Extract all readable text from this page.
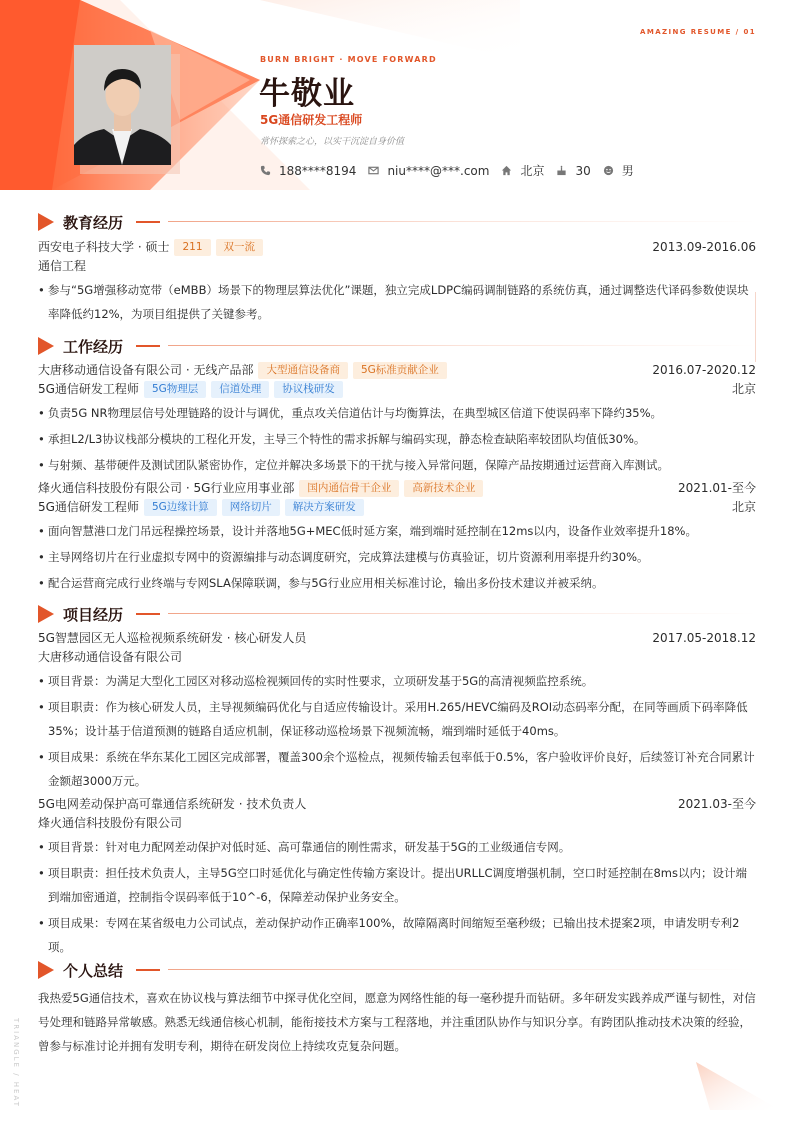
AMAZING RESUME / 01
BURN BRIGHT · MOVE FORWARD
牛敬业
5G通信研发工程师
常怀探索之心，以实干沉淀自身价值
188****8194	niu****@***.com	北京	30	男
教育经历
西安电子科技大学 · 硕士	211	双一流	2013.09-2016.06
通信工程
• 参与“5G增强移动宽带（eMBB）场景下的物理层算法优化”课题，独立完成LDPC编码调制链路的系统仿真，通过调整迭代译码参数使误块率降低约12%，为项目组提供了关键参考。
工作经历
大唐移动通信设备有限公司 · 无线产品部	大型通信设备商	5G标准贡献企业	2016.07-2020.12
5G通信研发工程师	5G物理层	信道处理	协议栈研发	北京
• 负责5G NR物理层信号处理链路的设计与调优，重点攻关信道估计与均衡算法，在典型城区信道下使误码率下降约35%。
• 承担L2/L3协议栈部分模块的工程化开发，主导三个特性的需求拆解与编码实现，静态检查缺陷率较团队均值低30%。
• 与射频、基带硬件及测试团队紧密协作，定位并解决多场景下的干扰与接入异常问题，保障产品按期通过运营商入库测试。
烽火通信科技股份有限公司 · 5G行业应用事业部	国内通信骨干企业	高新技术企业	2021.01-至今
5G通信研发工程师	5G边缘计算	网络切片	解决方案研发	北京
• 面向智慧港口龙门吊远程操控场景，设计并落地5G+MEC低时延方案，端到端时延控制在12ms以内，设备作业效率提升18%。
• 主导网络切片在行业虚拟专网中的资源编排与动态调度研究，完成算法建模与仿真验证，切片资源利用率提升约30%。
• 配合运营商完成行业终端与专网SLA保障联调，参与5G行业应用相关标准讨论，输出多份技术建议并被采纳。
项目经历
5G智慧园区无人巡检视频系统研发 · 核心研发人员	2017.05-2018.12
大唐移动通信设备有限公司
• 项目背景：为满足大型化工园区对移动巡检视频回传的实时性要求，立项研发基于5G的高清视频监控系统。
• 项目职责：作为核心研发人员，主导视频编码优化与自适应传输设计。采用H.265/HEVC编码及ROI动态码率分配，在同等画质下码率降低35%；设计基于信道预测的链路自适应机制，保证移动巡检场景下视频流畅，端到端时延低于40ms。
• 项目成果：系统在华东某化工园区完成部署，覆盖300余个巡检点，视频传输丢包率低于0.5%，客户验收评价良好，后续签订补充合同累计金额超3000万元。
5G电网差动保护高可靠通信系统研发 · 技术负责人	2021.03-至今
烽火通信科技股份有限公司
• 项目背景：针对电力配网差动保护对低时延、高可靠通信的刚性需求，研发基于5G的工业级通信专网。
• 项目职责：担任技术负责人，主导5G空口时延优化与确定性传输方案设计。提出URLLC调度增强机制，空口时延控制在8ms以内；设计端到端加密通道，控制指令误码率低于10^-6，保障差动保护业务安全。
• 项目成果：专网在某省级电力公司试点，差动保护动作正确率100%，故障隔离时间缩短至毫秒级；已输出技术提案2项，申请发明专利2项。
个人总结
我热爱5G通信技术，喜欢在协议栈与算法细节中探寻优化空间，愿意为网络性能的每一毫秒提升而钻研。多年研发实践养成严谨与韧性，对信号处理和链路异常敏感。熟悉无线通信核心机制，能衔接技术方案与工程落地，并注重团队协作与知识分享。有跨团队推动技术决策的经验，曾参与标准讨论并拥有发明专利，期待在研发岗位上持续攻克复杂问题。
TRIANGLE / HEAT
